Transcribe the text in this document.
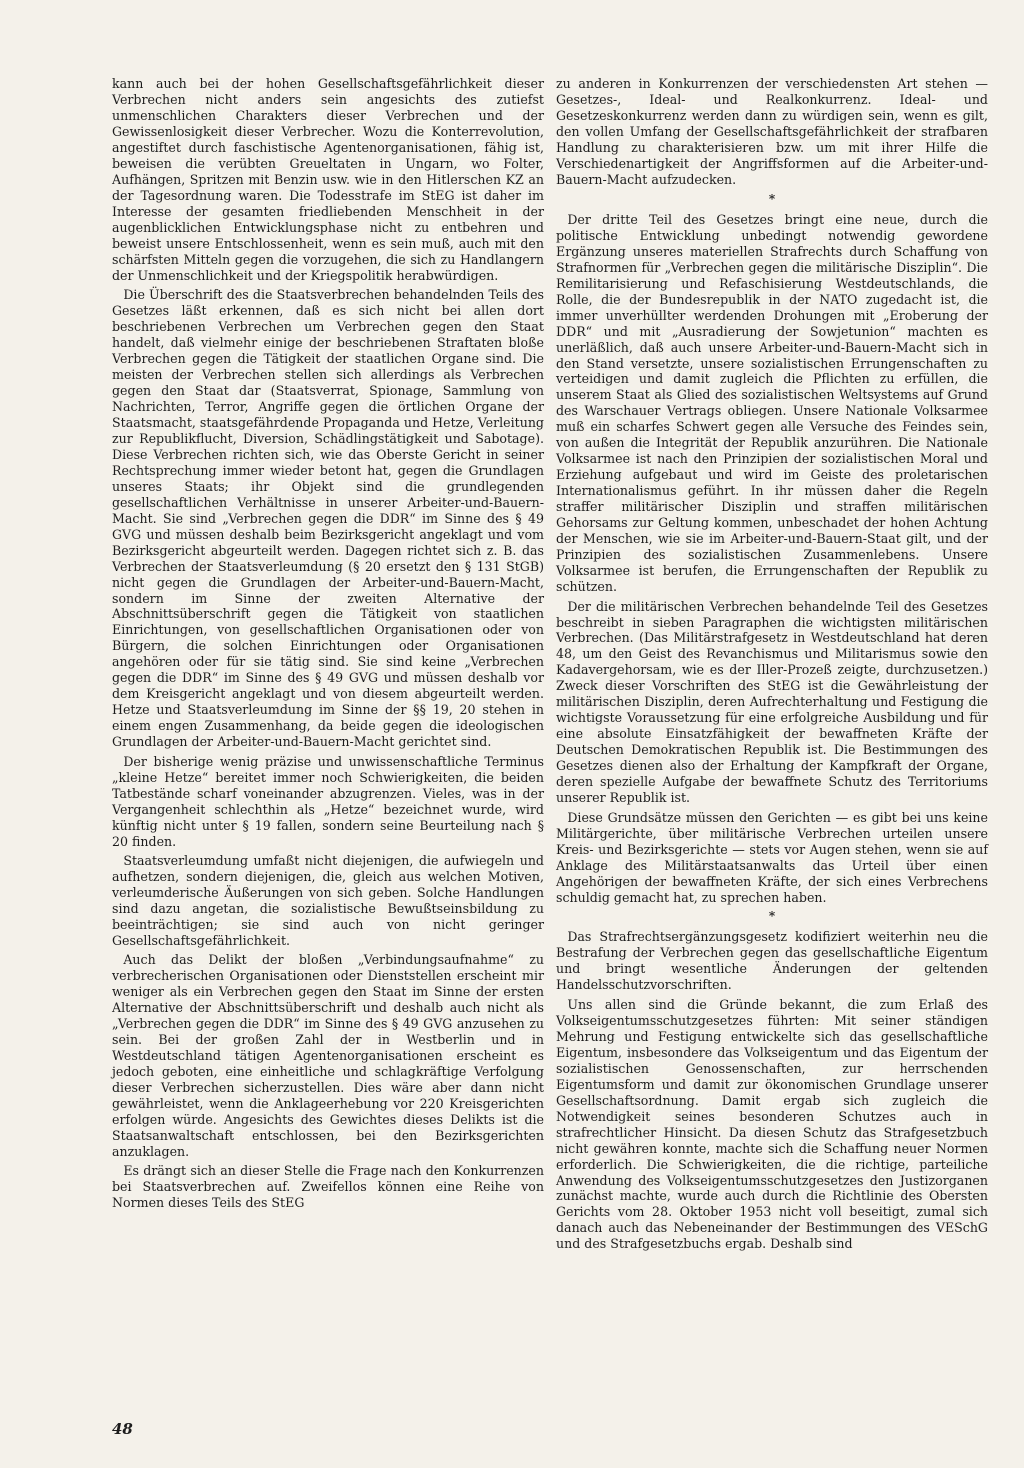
kann auch bei der hohen Gesellschaftsgefährlichkeit dieser Verbrechen nicht anders sein angesichts des zutiefst unmenschlichen Charakters dieser Verbrechen und der Gewissenlosigkeit dieser Verbrecher. Wozu die Konterrevolution, angestiftet durch faschistische Agentenorganisationen, fähig ist, beweisen die verübten Greueltaten in Ungarn, wo Folter, Aufhängen, Spritzen mit Benzin usw. wie in den Hitlerschen KZ an der Tagesordnung waren. Die Todesstrafe im StEG ist daher im Interesse der gesamten friedliebenden Menschheit in der augenblicklichen Entwicklungsphase nicht zu entbehren und beweist unsere Entschlossenheit, wenn es sein muß, auch mit den schärfsten Mitteln gegen die vorzugehen, die sich zu Handlangern der Unmenschlichkeit und der Kriegspolitik herabwürdigen.

Die Überschrift des die Staatsverbrechen behandelnden Teils des Gesetzes läßt erkennen, daß es sich nicht bei allen dort beschriebenen Verbrechen um Verbrechen gegen den Staat handelt, daß vielmehr einige der beschriebenen Straftaten bloße Verbrechen gegen die Tätigkeit der staatlichen Organe sind. Die meisten der Verbrechen stellen sich allerdings als Verbrechen gegen den Staat dar (Staatsverrat, Spionage, Sammlung von Nachrichten, Terror, Angriffe gegen die örtlichen Organe der Staatsmacht, staatsgefährdende Propaganda und Hetze, Verleitung zur Republikflucht, Diversion, Schädlingstätigkeit und Sabotage). Diese Verbrechen richten sich, wie das Oberste Gericht in seiner Rechtsprechung immer wieder betont hat, gegen die Grundlagen unseres Staats; ihr Objekt sind die grundlegenden gesellschaftlichen Verhältnisse in unserer Arbeiter-und-Bauern-Macht. Sie sind „Verbrechen gegen die DDR“ im Sinne des § 49 GVG und müssen deshalb beim Bezirksgericht angeklagt und vom Bezirksgericht abgeurteilt werden. Dagegen richtet sich z. B. das Verbrechen der Staatsverleumdung (§ 20 ersetzt den § 131 StGB) nicht gegen die Grundlagen der Arbeiter-und-Bauern-Macht, sondern im Sinne der zweiten Alternative der Abschnittsüberschrift gegen die Tätigkeit von staatlichen Einrichtungen, von gesellschaftlichen Organisationen oder von Bürgern, die solchen Einrichtungen oder Organisationen angehören oder für sie tätig sind. Sie sind keine „Verbrechen gegen die DDR“ im Sinne des § 49 GVG und müssen deshalb vor dem Kreisgericht angeklagt und von diesem abgeurteilt werden. Hetze und Staatsverleumdung im Sinne der §§ 19, 20 stehen in einem engen Zusammenhang, da beide gegen die ideologischen Grundlagen der Arbeiter-und-Bauern-Macht gerichtet sind.

Der bisherige wenig präzise und unwissenschaftliche Terminus „kleine Hetze“ bereitet immer noch Schwierigkeiten, die beiden Tatbestände scharf voneinander abzugrenzen. Vieles, was in der Vergangenheit schlechthin als „Hetze“ bezeichnet wurde, wird künftig nicht unter § 19 fallen, sondern seine Beurteilung nach § 20 finden.

Staatsverleumdung umfaßt nicht diejenigen, die aufwiegeln und aufhetzen, sondern diejenigen, die, gleich aus welchen Motiven, verleumderische Äußerungen von sich geben. Solche Handlungen sind dazu angetan, die sozialistische Bewußtseinsbildung zu beeinträchtigen; sie sind auch von nicht geringer Gesellschaftsgefährlichkeit.

Auch das Delikt der bloßen „Verbindungsaufnahme“ zu verbrecherischen Organisationen oder Dienststellen erscheint mir weniger als ein Verbrechen gegen den Staat im Sinne der ersten Alternative der Abschnittsüberschrift und deshalb auch nicht als „Verbrechen gegen die DDR“ im Sinne des § 49 GVG anzusehen zu sein. Bei der großen Zahl der in Westberlin und in Westdeutschland tätigen Agentenorganisationen erscheint es jedoch geboten, eine einheitliche und schlagkräftige Verfolgung dieser Verbrechen sicherzustellen. Dies wäre aber dann nicht gewährleistet, wenn die Anklageerhebung vor 220 Kreisgerichten erfolgen würde. Angesichts des Gewichtes dieses Delikts ist die Staatsanwaltschaft entschlossen, bei den Bezirksgerichten anzuklagen.

Es drängt sich an dieser Stelle die Frage nach den Konkurrenzen bei Staatsverbrechen auf. Zweifellos können eine Reihe von Normen dieses Teils des StEG

zu anderen in Konkurrenzen der verschiedensten Art stehen — Gesetzes-, Ideal- und Realkonkurrenz. Ideal- und Gesetzeskonkurrenz werden dann zu würdigen sein, wenn es gilt, den vollen Umfang der Gesellschaftsgefährlichkeit der strafbaren Handlung zu charakterisieren bzw. um mit ihrer Hilfe die Verschiedenartigkeit der Angriffsformen auf die Arbeiter-und-Bauern-Macht aufzudecken.

*

Der dritte Teil des Gesetzes bringt eine neue, durch die politische Entwicklung unbedingt notwendig gewordene Ergänzung unseres materiellen Strafrechts durch Schaffung von Strafnormen für „Verbrechen gegen die militärische Disziplin“. Die Remilitarisierung und Refaschisierung Westdeutschlands, die Rolle, die der Bundesrepublik in der NATO zugedacht ist, die immer unverhüllter werdenden Drohungen mit „Eroberung der DDR“ und mit „Ausradierung der Sowjetunion“ machten es unerläßlich, daß auch unsere Arbeiter-und-Bauern-Macht sich in den Stand versetzte, unsere sozialistischen Errungenschaften zu verteidigen und damit zugleich die Pflichten zu erfüllen, die unserem Staat als Glied des sozialistischen Weltsystems auf Grund des Warschauer Vertrags obliegen. Unsere Nationale Volksarmee muß ein scharfes Schwert gegen alle Versuche des Feindes sein, von außen die Integrität der Republik anzurühren. Die Nationale Volksarmee ist nach den Prinzipien der sozialistischen Moral und Erziehung aufgebaut und wird im Geiste des proletarischen Internationalismus geführt. In ihr müssen daher die Regeln straffer militärischer Disziplin und straffen militärischen Gehorsams zur Geltung kommen, unbeschadet der hohen Achtung der Menschen, wie sie im Arbeiter-und-Bauern-Staat gilt, und der Prinzipien des sozialistischen Zusammenlebens. Unsere Volksarmee ist berufen, die Errungenschaften der Republik zu schützen.

Der die militärischen Verbrechen behandelnde Teil des Gesetzes beschreibt in sieben Paragraphen die wichtigsten militärischen Verbrechen. (Das Militärstrafgesetz in Westdeutschland hat deren 48, um den Geist des Revanchismus und Militarismus sowie den Kadavergehorsam, wie es der Iller-Prozeß zeigte, durchzusetzen.) Zweck dieser Vorschriften des StEG ist die Gewährleistung der militärischen Disziplin, deren Aufrechterhaltung und Festigung die wichtigste Voraussetzung für eine erfolgreiche Ausbildung und für eine absolute Einsatzfähigkeit der bewaffneten Kräfte der Deutschen Demokratischen Republik ist. Die Bestimmungen des Gesetzes dienen also der Erhaltung der Kampfkraft der Organe, deren spezielle Aufgabe der bewaffnete Schutz des Territoriums unserer Republik ist.

Diese Grundsätze müssen den Gerichten — es gibt bei uns keine Militärgerichte, über militärische Verbrechen urteilen unsere Kreis- und Bezirksgerichte — stets vor Augen stehen, wenn sie auf Anklage des Militärstaatsanwalts das Urteil über einen Angehörigen der bewaffneten Kräfte, der sich eines Verbrechens schuldig gemacht hat, zu sprechen haben.

*

Das Strafrechtsergänzungsgesetz kodifiziert weiterhin neu die Bestrafung der Verbrechen gegen das gesellschaftliche Eigentum und bringt wesentliche Änderungen der geltenden Handelsschutzvorschriften.

Uns allen sind die Gründe bekannt, die zum Erlaß des Volkseigentumsschutzgesetzes führten: Mit seiner ständigen Mehrung und Festigung entwickelte sich das gesellschaftliche Eigentum, insbesondere das Volkseigentum und das Eigentum der sozialistischen Genossenschaften, zur herrschenden Eigentumsform und damit zur ökonomischen Grundlage unserer Gesellschaftsordnung. Damit ergab sich zugleich die Notwendigkeit seines besonderen Schutzes auch in strafrechtlicher Hinsicht. Da diesen Schutz das Strafgesetzbuch nicht gewähren konnte, machte sich die Schaffung neuer Normen erforderlich. Die Schwierigkeiten, die die richtige, parteiliche Anwendung des Volkseigentumsschutzgesetzes den Justizorganen zunächst machte, wurde auch durch die Richtlinie des Obersten Gerichts vom 28. Oktober 1953 nicht voll beseitigt, zumal sich danach auch das Nebeneinander der Bestimmungen des VESchG und des Strafgesetzbuchs ergab. Deshalb sind

48
